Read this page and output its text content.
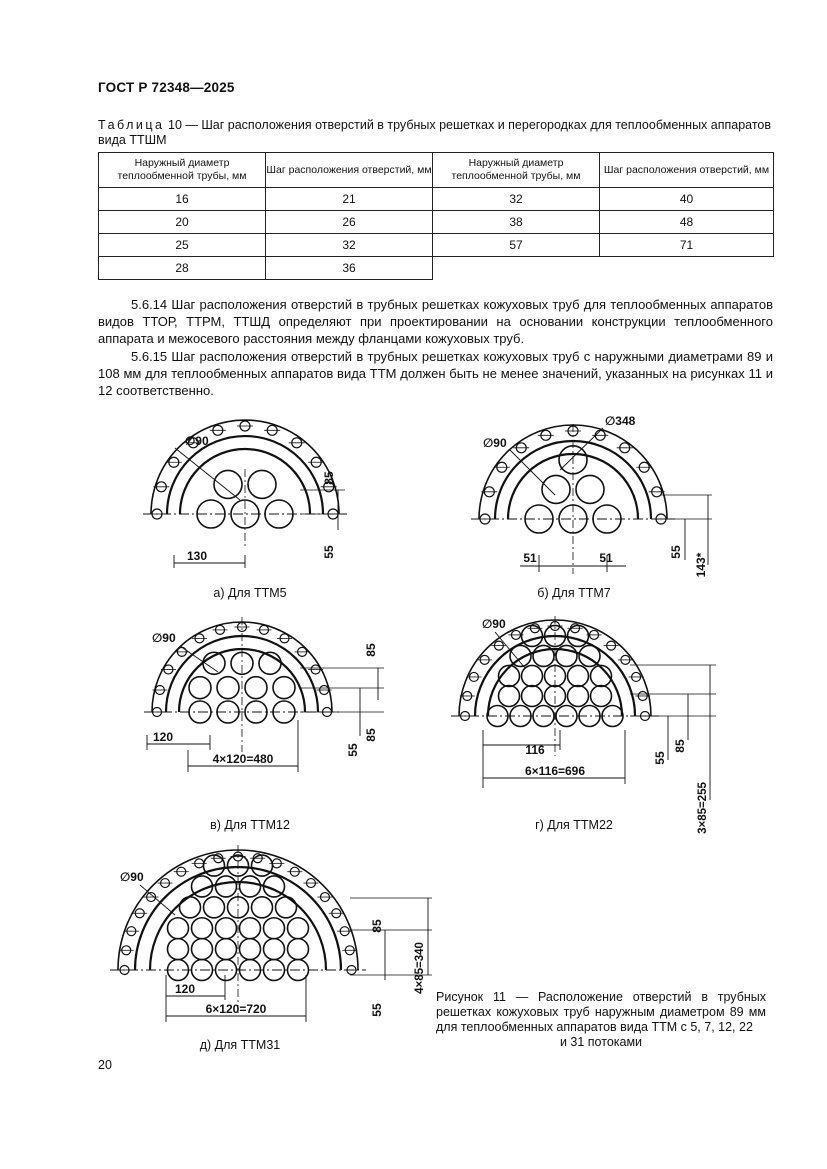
ГОСТ Р 72348—2025
Таблица 10 — Шаг расположения отверстий в трубных решетках и перегородках для теплообменных аппаратов вида ТТШМ
Наружный диаметр теплообменной трубы, мм	Шаг расположения отверстий, мм	Наружный диаметр теплообменной трубы, мм	Шаг расположения отверстий, мм
16	21	32	40
20	26	38	48
25	32	57	71
28	36		
5.6.14 Шаг расположения отверстий в трубных решетках кожуховых труб для теплообменных аппаратов видов ТТОР, ТТРМ, ТТШД определяют при проектировании на основании конструкции теплообменного аппарата и межосевого расстояния между фланцами кожуховых труб.
5.6.15 Шаг расположения отверстий в трубных решетках кожуховых труб с наружными диаметрами 89 и 108 мм для теплообменных аппаратов вида ТТМ должен быть не менее значений, указанных на рисунках 11 и 12 соответственно.
∅90
130
85
55
∅90
∅348
51	51	55
143*
∅90
120
4×120=480
85
85
55
∅90
116
6×116=696
55
85
3×85=255
∅90
120
6×120=720
85
4×85=340
55
а) Для ТТМ5	б) Для ТТМ7
в) Для ТТМ12	г) Для ТТМ22
д) Для ТТМ31
Рисунок 11 — Расположение отверстий в трубных решетках кожуховых труб наружным диаметром 89 мм для теплообменных аппаратов вида ТТМ с 5, 7, 12, 22
и 31 потоками
20
